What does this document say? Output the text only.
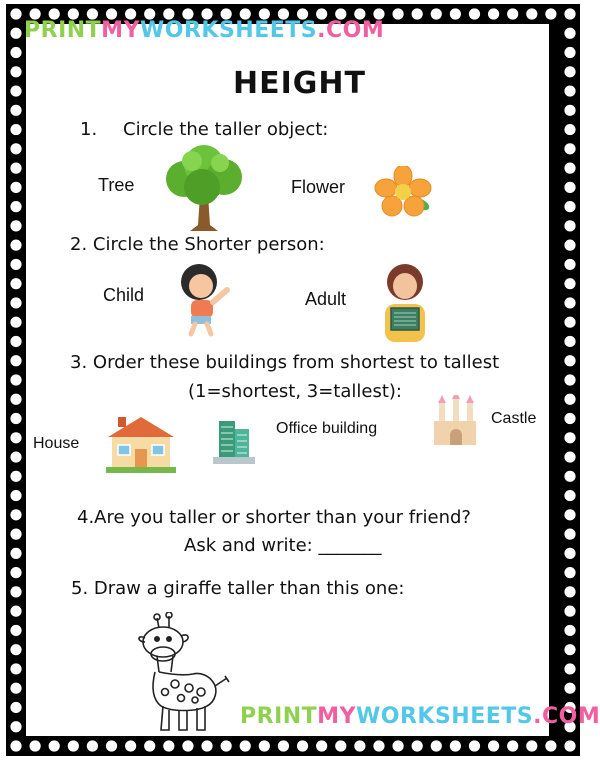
PRINTMYWORKSHEETS.COM
HEIGHT
1. Circle the taller object:
Tree	Flower
2. Circle the Shorter person:
Child	Adult
3. Order these buildings from shortest to tallest
(1=shortest, 3=tallest):
House
Office building
Castle
4.Are you taller or shorter than your friend?
Ask and write: _______
5. Draw a giraffe taller than this one:
PRINTMYWORKSHEETS.COM
